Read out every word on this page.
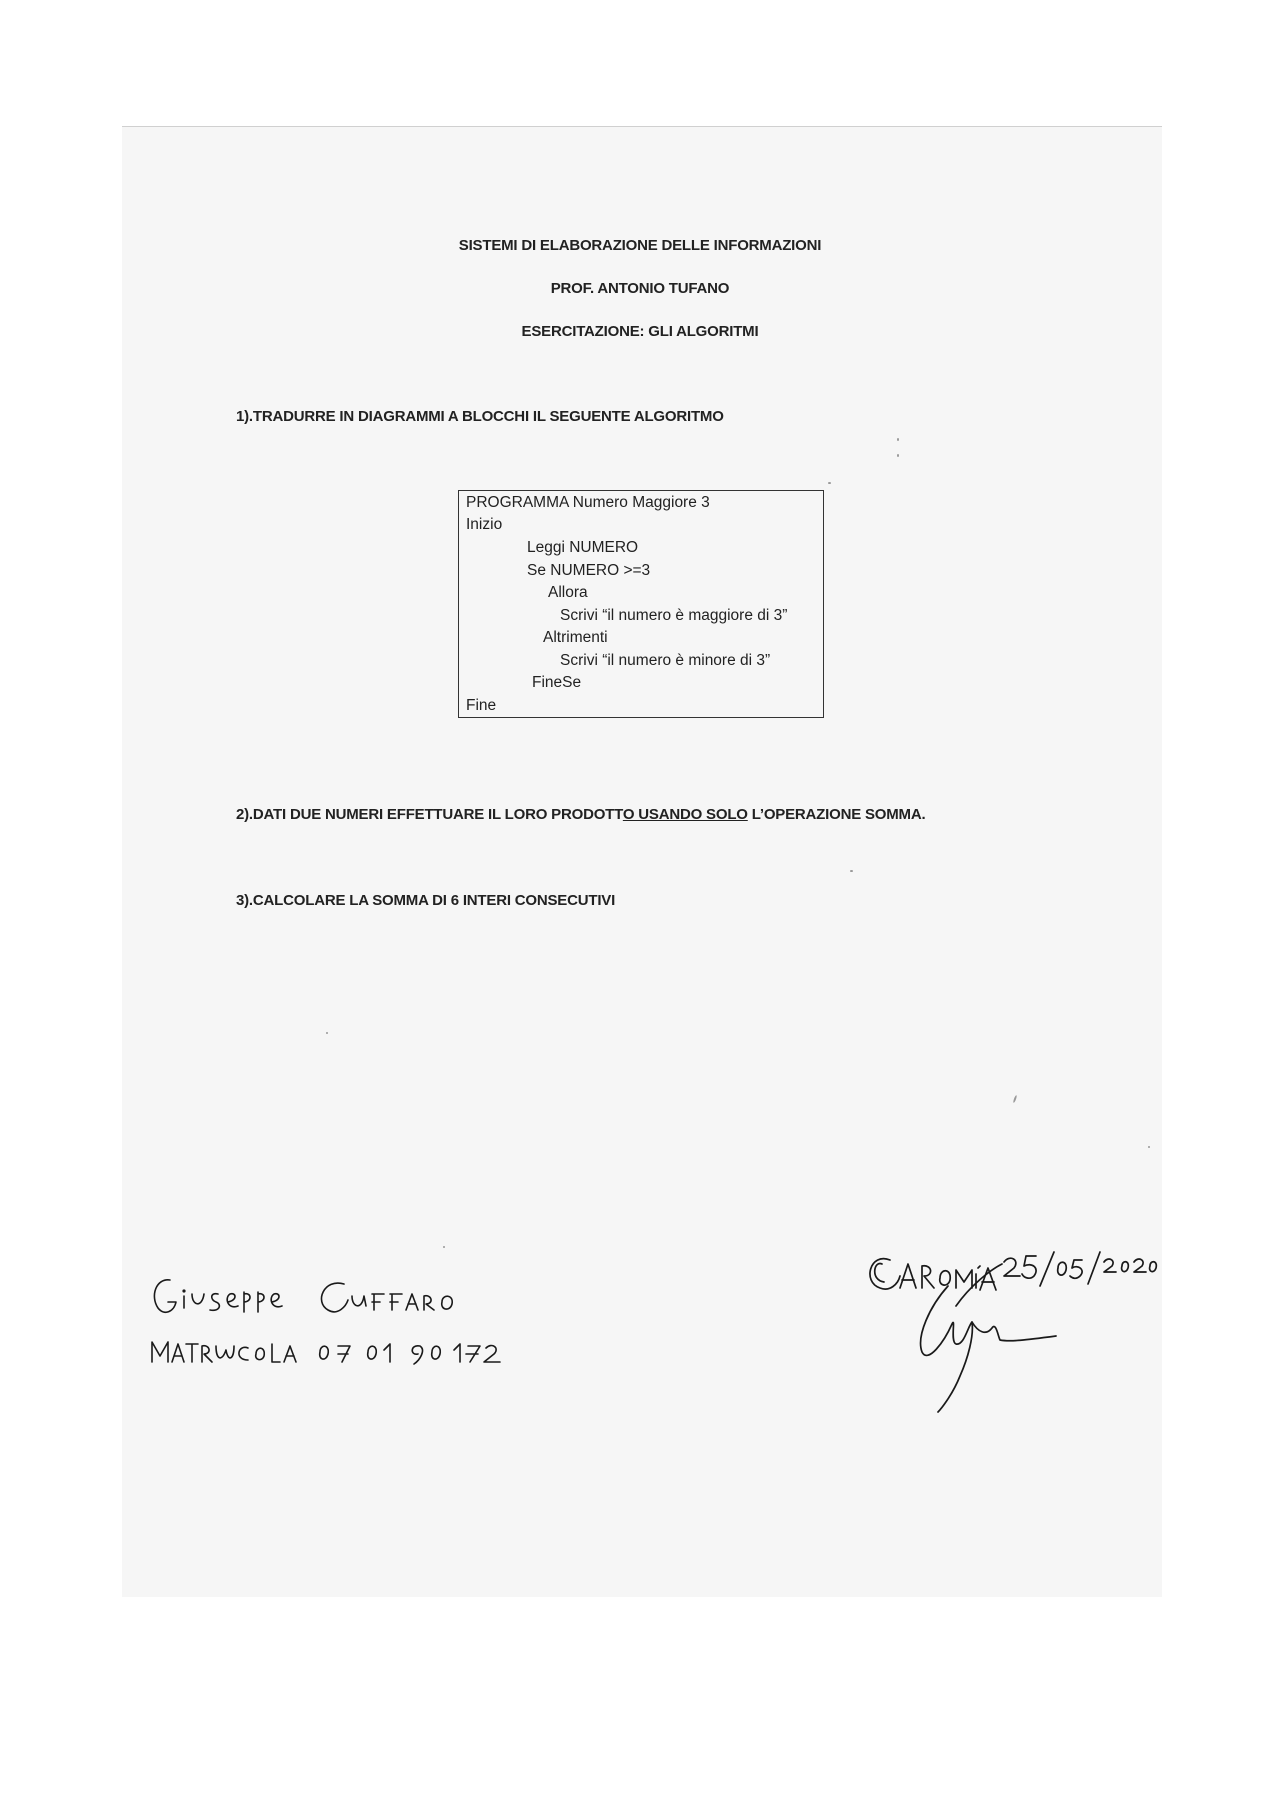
SISTEMI DI ELABORAZIONE DELLE INFORMAZIONI
PROF. ANTONIO TUFANO
ESERCITAZIONE: GLI ALGORITMI
1).TRADURRE IN DIAGRAMMI A BLOCCHI IL SEGUENTE ALGORITMO
PROGRAMMA Numero Maggiore 3
Inizio
Leggi NUMERO
Se NUMERO >=3
Allora
Scrivi “il numero è maggiore di 3”
Altrimenti
Scrivi “il numero è minore di 3”
FineSe
Fine
2).DATI DUE NUMERI EFFETTUARE IL LORO PRODOTTO USANDO SOLO L’OPERAZIONE SOMMA.
3).CALCOLARE LA SOMMA DI 6 INTERI CONSECUTIVI
